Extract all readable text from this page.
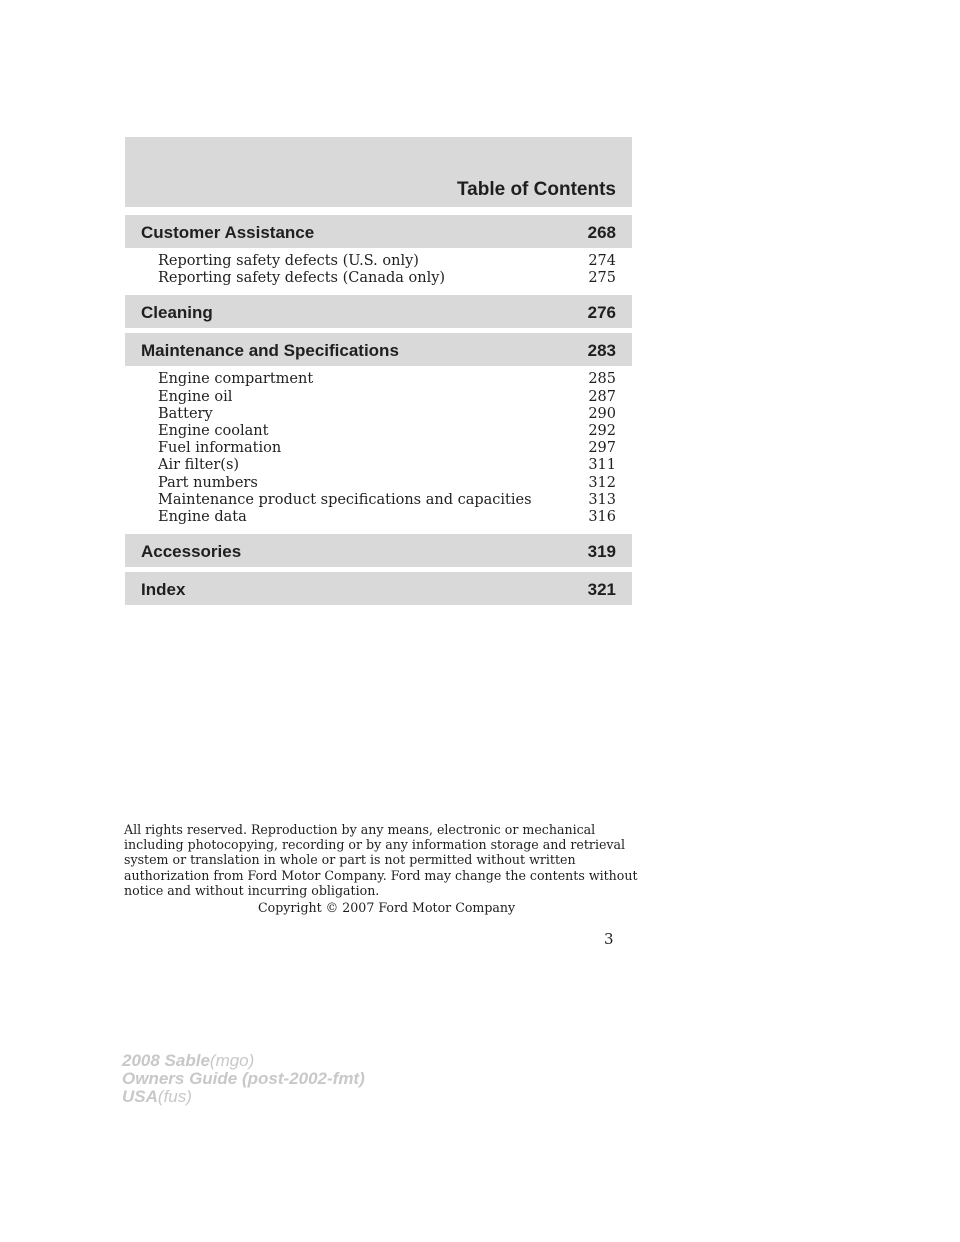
Table of Contents
Customer Assistance	268
Reporting safety defects (U.S. only)	274
Reporting safety defects (Canada only)	275
Cleaning	276
Maintenance and Specifications	283
Engine compartment	285
Engine oil	287
Battery	290
Engine coolant	292
Fuel information	297
Air filter(s)	311
Part numbers	312
Maintenance product specifications and capacities	313
Engine data	316
Accessories	319
Index	321
All rights reserved. Reproduction by any means, electronic or mechanical
including photocopying, recording or by any information storage and retrieval
system or translation in whole or part is not permitted without written
authorization from Ford Motor Company. Ford may change the contents without
notice and without incurring obligation.
Copyright © 2007 Ford Motor Company
3
2008 Sable(mgo)
Owners Guide (post-2002-fmt)
USA(fus)
